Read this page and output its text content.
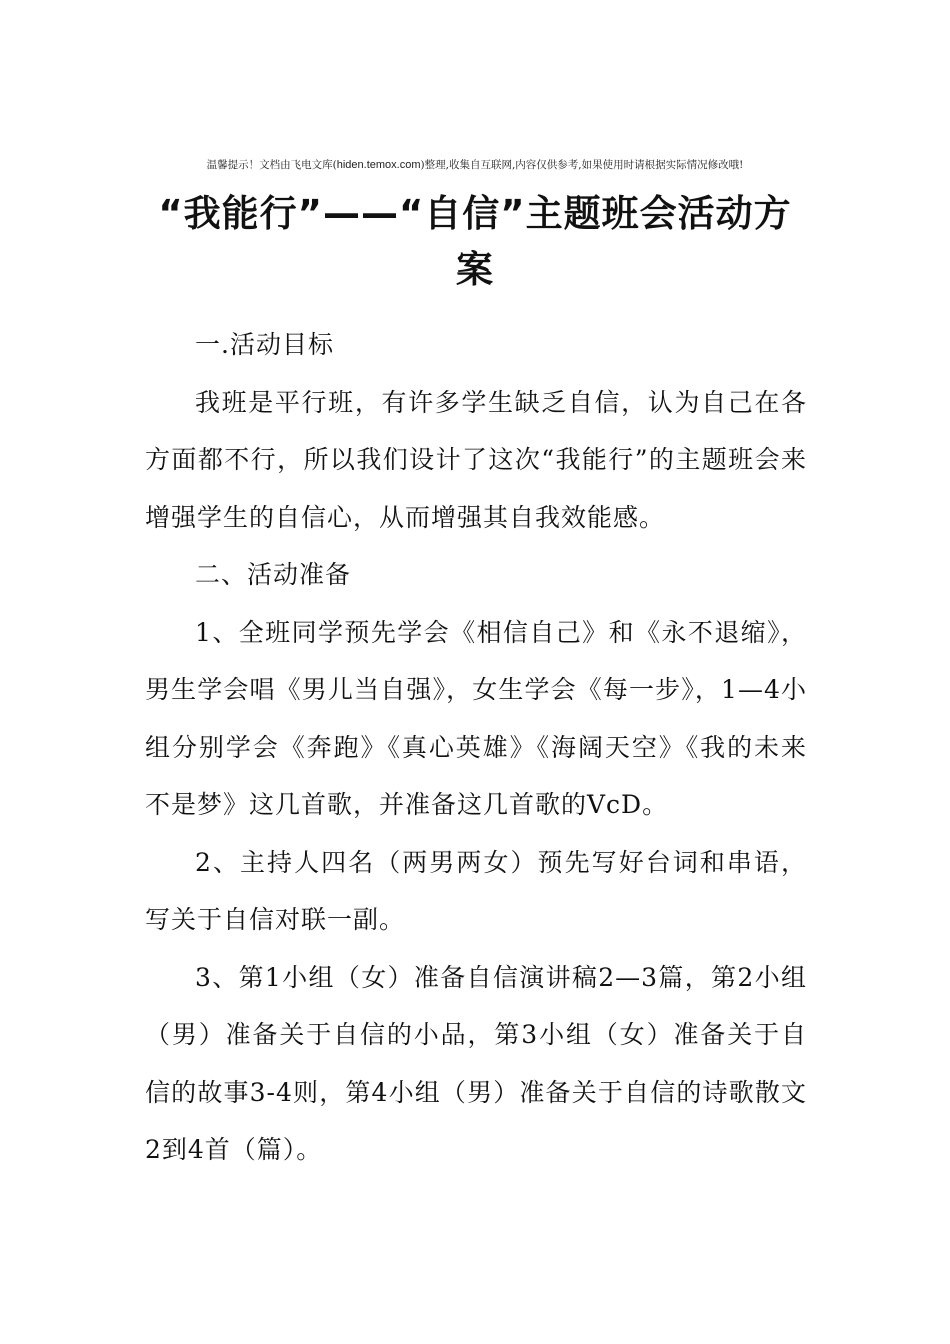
温馨提示！文档由飞电文库(hiden.temox.com)整理,收集自互联网,内容仅供参考,如果使用时请根据实际情况修改哦!
“我能行”——“自信”主题班会活动方案

一.活动目标

我班是平行班，有许多学生缺乏自信，认为自己在各方面都不行，所以我们设计了这次“我能行”的主题班会来增强学生的自信心，从而增强其自我效能感。

二、活动准备

1、全班同学预先学会《相信自己》和《永不退缩》，男生学会唱《男儿当自强》，女生学会《每一步》，1—4小组分别学会《奔跑》《真心英雄》《海阔天空》《我的未来不是梦》这几首歌，并准备这几首歌的VcD。

2、主持人四名（两男两女）预先写好台词和串语，写关于自信对联一副。

3、第1小组（女）准备自信演讲稿2—3篇，第2小组（男）准备关于自信的小品，第3小组（女）准备关于自信的故事3-4则，第4小组（男）准备关于自信的诗歌散文2到4首（篇）。
